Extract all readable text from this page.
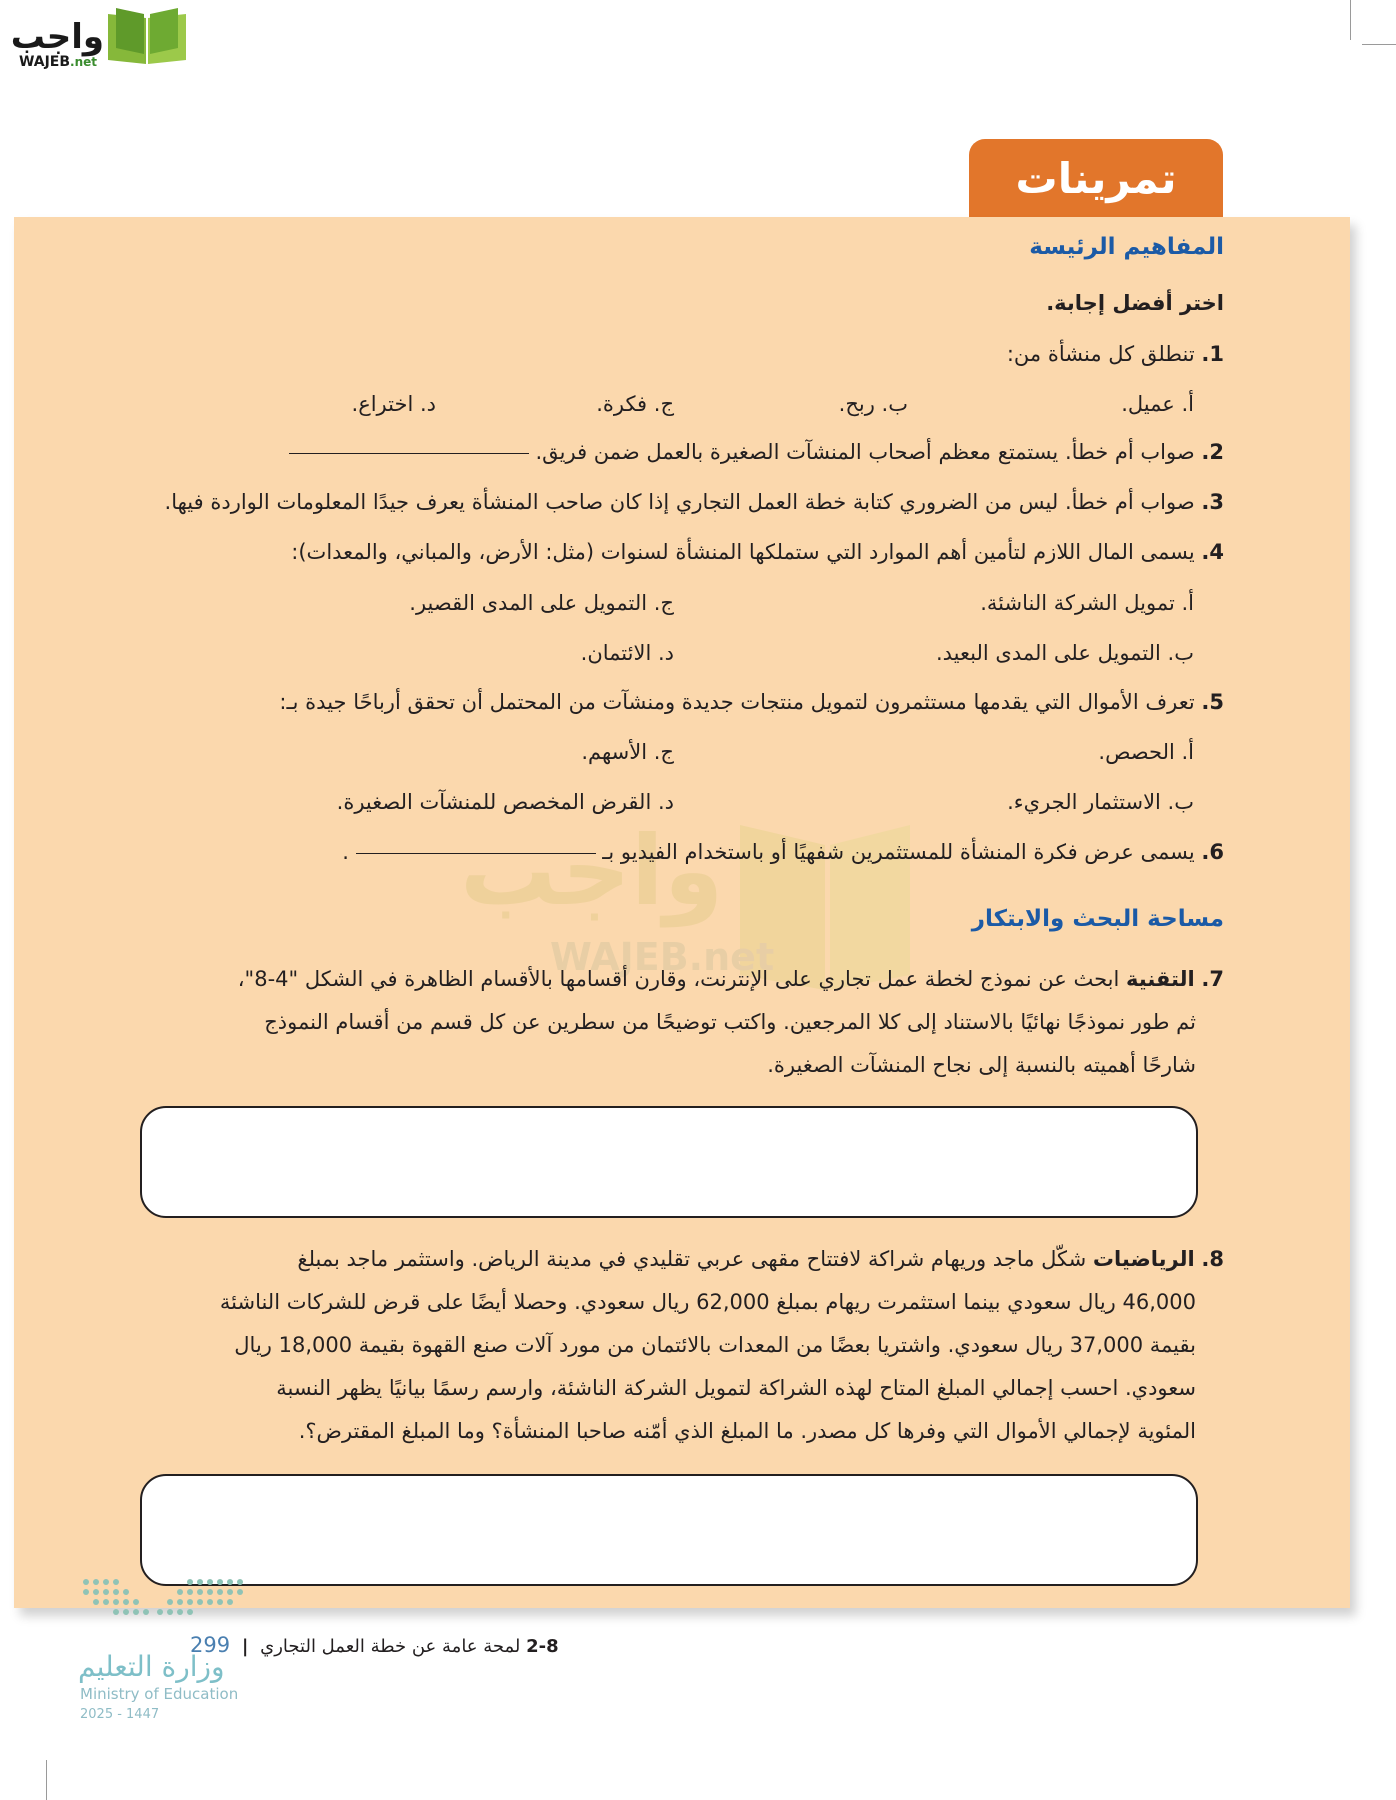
واجب
WAJEB.net
تمرينات
واجب
WAJEB.net
المفاهيم الرئيسة
اختر أفضل إجابة.
1. تنطلق كل منشأة من:
أ. عميل.
ب. ربح.
ج. فكرة.
د. اختراع.
2. صواب أم خطأ. يستمتع معظم أصحاب المنشآت الصغيرة بالعمل ضمن فريق.
3. صواب أم خطأ. ليس من الضروري كتابة خطة العمل التجاري إذا كان صاحب المنشأة يعرف جيدًا المعلومات الواردة فيها.
4. يسمى المال اللازم لتأمين أهم الموارد التي ستملكها المنشأة لسنوات (مثل: الأرض، والمباني، والمعدات):
أ. تمويل الشركة الناشئة.
ج. التمويل على المدى القصير.
ب. التمويل على المدى البعيد.
د. الائتمان.
5. تعرف الأموال التي يقدمها مستثمرون لتمويل منتجات جديدة ومنشآت من المحتمل أن تحقق أرباحًا جيدة بـ:
أ. الحصص.
ج. الأسهم.
ب. الاستثمار الجريء.
د. القرض المخصص للمنشآت الصغيرة.
6. يسمى عرض فكرة المنشأة للمستثمرين شفهيًا أو باستخدام الفيديو بـ  .
مساحة البحث والابتكار
7. التقنية ابحث عن نموذج لخطة عمل تجاري على الإنترنت، وقارن أقسامها بالأقسام الظاهرة في الشكل "4-8"،
ثم طور نموذجًا نهائيًا بالاستناد إلى كلا المرجعين. واكتب توضيحًا من سطرين عن كل قسم من أقسام النموذج
شارحًا أهميته بالنسبة إلى نجاح المنشآت الصغيرة.
8. الرياضيات شكّل ماجد وريهام شراكة لافتتاح مقهى عربي تقليدي في مدينة الرياض. واستثمر ماجد بمبلغ
46,000 ريال سعودي بينما استثمرت ريهام بمبلغ 62,000 ريال سعودي. وحصلا أيضًا على قرض للشركات الناشئة
بقيمة 37,000 ريال سعودي. واشتريا بعضًا من المعدات بالائتمان من مورد آلات صنع القهوة بقيمة 18,000 ريال
سعودي. احسب إجمالي المبلغ المتاح لهذه الشراكة لتمويل الشركة الناشئة، وارسم رسمًا بيانيًا يظهر النسبة
المئوية لإجمالي الأموال التي وفرها كل مصدر. ما المبلغ الذي أمّنه صاحبا المنشأة؟ وما المبلغ المقترض؟.
2-8 لمحة عامة عن خطة العمل التجاري | 299
وزارة التعليم
Ministry of Education
2025 - 1447
